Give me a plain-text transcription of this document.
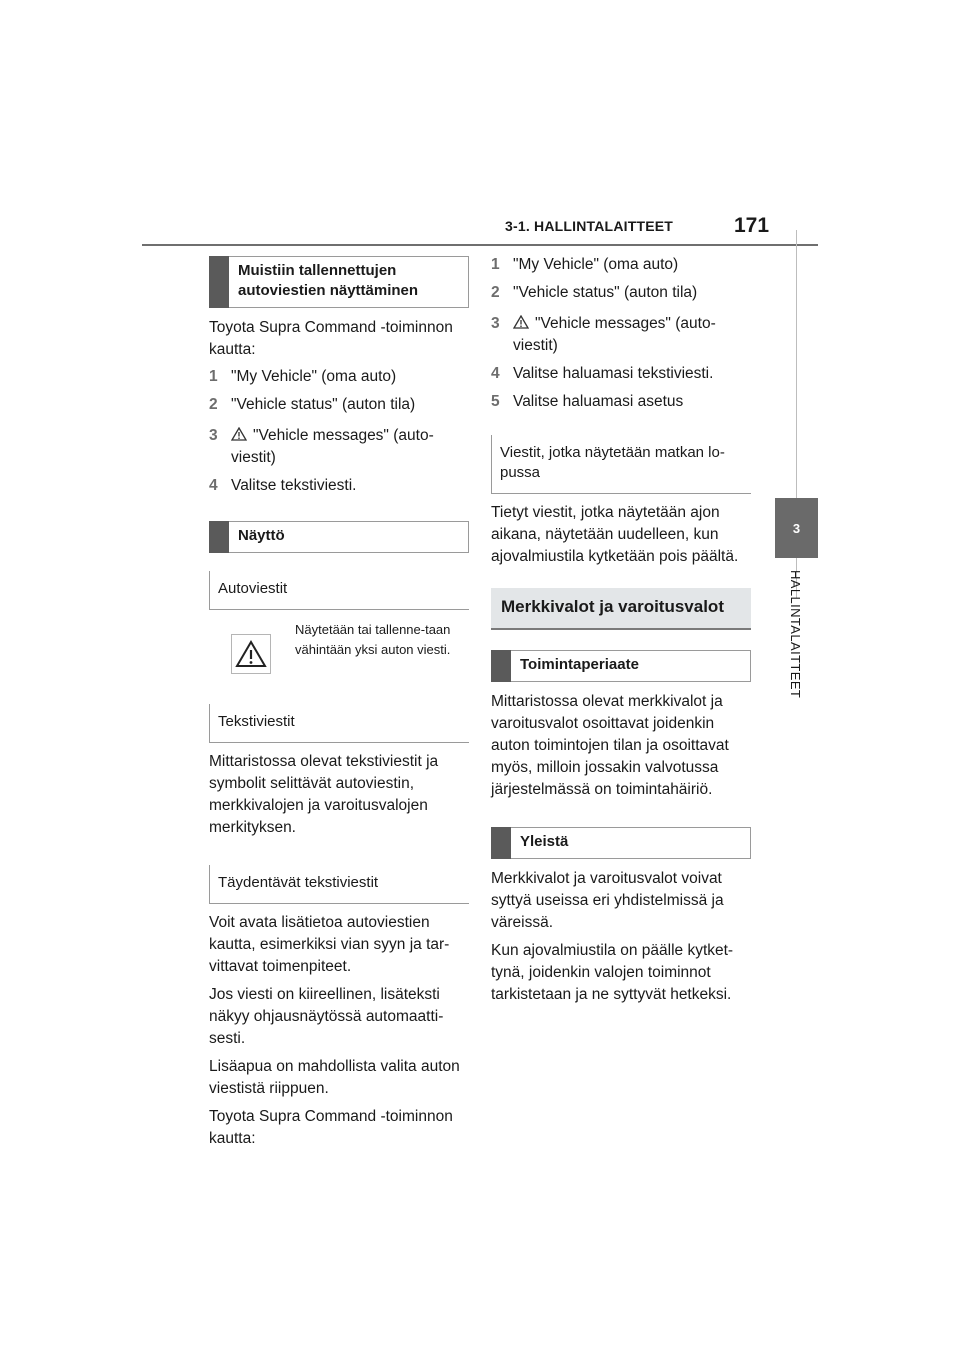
3-1. HALLINTALAITTEET	171
3
HALLINTALAITTEET
Muistiin tallennettujen autoviestien näyttäminen

Toyota Supra Command -toiminnon kautta:

1 "My Vehicle" (oma auto)
2 "Vehicle status" (auton tila)
3	"Vehicle messages" (auto-viestit)
4 Valitse tekstiviesti.
Näyttö
Autoviestit
Näytetään tai tallenne-taan vähintään yksi auton viesti.
Tekstiviestit

Mittaristossa olevat tekstiviestit ja symbolit selittävät autoviestin, merkkivalojen ja varoitusvalojen merkityksen.

Täydentävät tekstiviestit

Voit avata lisätietoa autoviestien kautta, esimerkiksi vian syyn ja tar-vittavat toimenpiteet.

Jos viesti on kiireellinen, lisäteksti näkyy ohjausnäytössä automaatti-sesti.

Lisäapua on mahdollista valita auton viestistä riippuen.

Toyota Supra Command -toiminnon kautta:

1 "My Vehicle" (oma auto)
2 "Vehicle status" (auton tila)
3	"Vehicle messages" (auto-viestit)
4 Valitse haluamasi tekstiviesti.
5 Valitse haluamasi asetus
Viestit, jotka näytetään matkan lo-pussa

Tietyt viestit, jotka näytetään ajon aikana, näytetään uudelleen, kun ajovalmiustila kytketään pois päältä.

Merkkivalot ja varoitusvalot
Toimintaperiaate

Mittaristossa olevat merkkivalot ja varoitusvalot osoittavat joidenkin auton toimintojen tilan ja osoittavat myös, milloin jossakin valvotussa järjestelmässä on toimintahäiriö.

Yleistä

Merkkivalot ja varoitusvalot voivat syttyä useissa eri yhdistelmissä ja väreissä.

Kun ajovalmiustila on päälle kytket-tynä, joidenkin valojen toiminnot tarkistetaan ja ne syttyvät hetkeksi.
